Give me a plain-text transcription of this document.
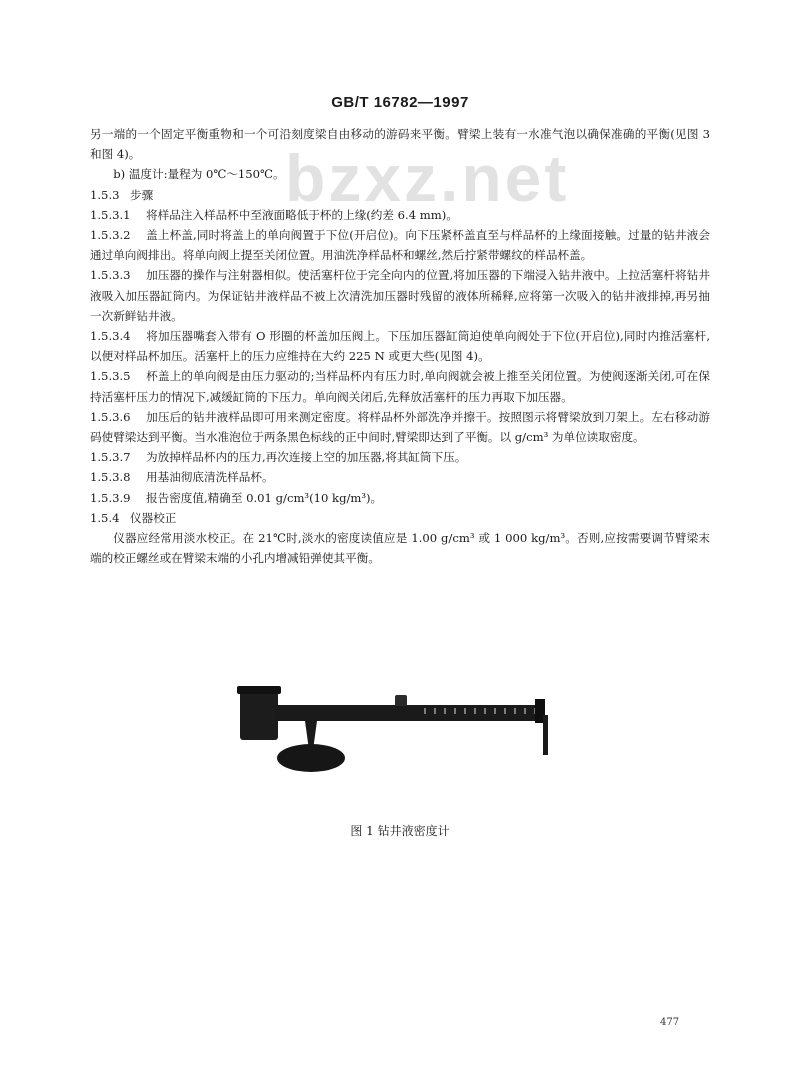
GB/T 16782—1997
bzxz.net

另一端的一个固定平衡重物和一个可沿刻度梁自由移动的游码来平衡。臂梁上装有一水准气泡以确保准确的平衡(见图 3 和图 4)。

b) 温度计:量程为 0℃～150℃。

1.5.3 步骤

1.5.3.1 将样品注入样品杯中至液面略低于杯的上缘(约差 6.4 mm)。

1.5.3.2 盖上杯盖,同时将盖上的单向阀置于下位(开启位)。向下压紧杯盖直至与样品杯的上缘面接触。过量的钻井液会通过单向阀排出。将单向阀上提至关闭位置。用油洗净样品杯和螺丝,然后拧紧带螺纹的样品杯盖。

1.5.3.3 加压器的操作与注射器相似。使活塞杆位于完全向内的位置,将加压器的下端浸入钻井液中。上拉活塞杆将钻井液吸入加压器缸筒内。为保证钻井液样品不被上次清洗加压器时残留的液体所稀释,应将第一次吸入的钻井液排掉,再另抽一次新鲜钻井液。

1.5.3.4 将加压器嘴套入带有 O 形圈的杯盖加压阀上。下压加压器缸筒迫使单向阀处于下位(开启位),同时内推活塞杆,以便对样品杯加压。活塞杆上的压力应维持在大约 225 N 或更大些(见图 4)。

1.5.3.5 杯盖上的单向阀是由压力驱动的;当样品杯内有压力时,单向阀就会被上推至关闭位置。为使阀逐渐关闭,可在保持活塞杆压力的情况下,减缓缸筒的下压力。单向阀关闭后,先释放活塞杆的压力再取下加压器。

1.5.3.6 加压后的钻井液样品即可用来测定密度。将样品杯外部洗净并擦干。按照图示将臂梁放到刀架上。左右移动游码使臂梁达到平衡。当水准泡位于两条黑色标线的正中间时,臂梁即达到了平衡。以 g/cm³ 为单位读取密度。

1.5.3.7 为放掉样品杯内的压力,再次连接上空的加压器,将其缸筒下压。

1.5.3.8 用基油彻底清洗样品杯。

1.5.3.9 报告密度值,精确至 0.01 g/cm³(10 kg/m³)。

1.5.4 仪器校正

仪器应经常用淡水校正。在 21℃时,淡水的密度读值应是 1.00 g/cm³ 或 1 000 kg/m³。否则,应按需要调节臂梁末端的校正螺丝或在臂梁末端的小孔内增减铅弹使其平衡。

图 1 钻井液密度计
477
